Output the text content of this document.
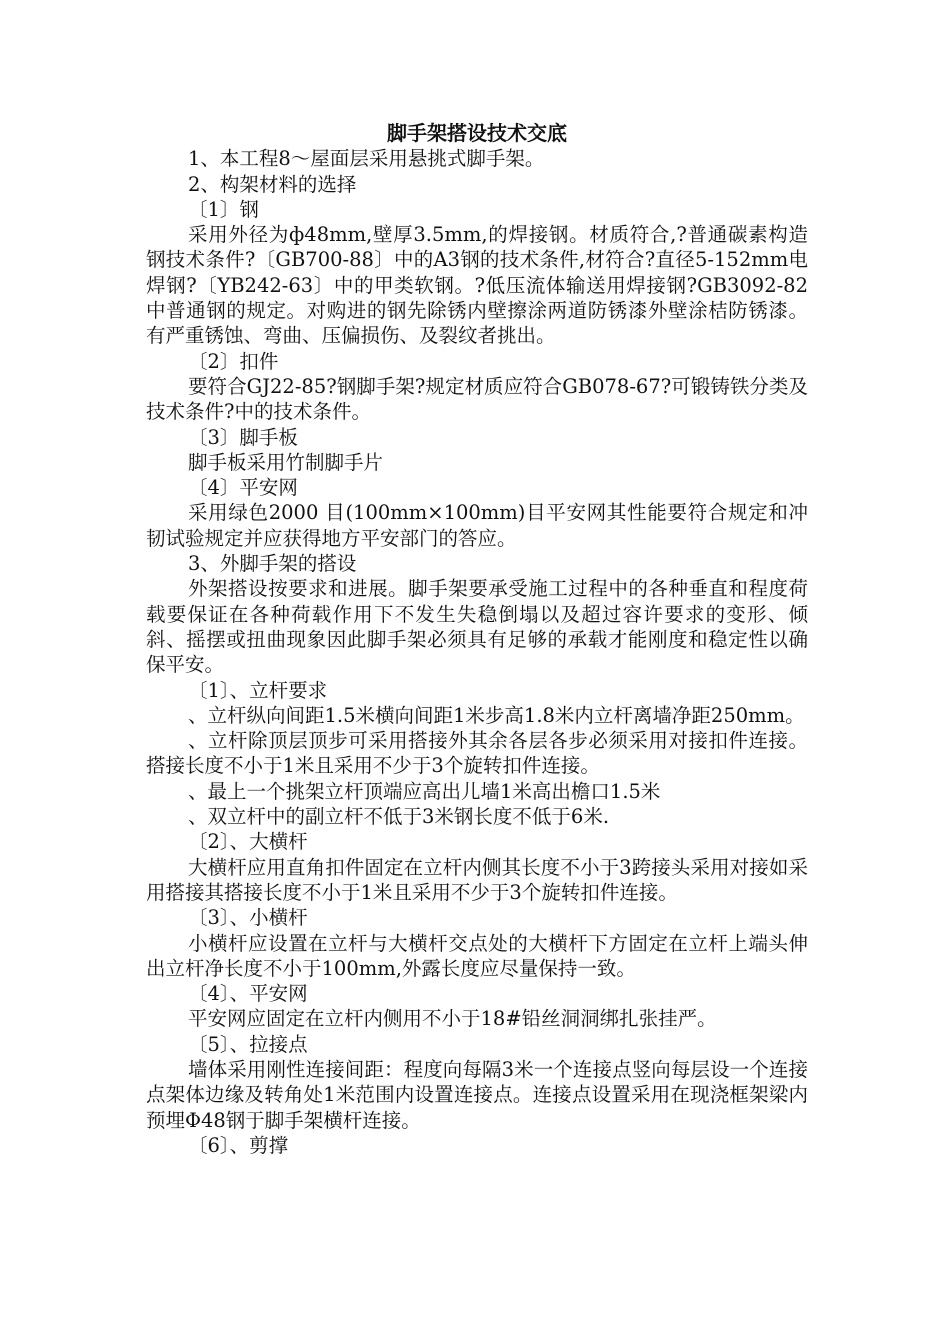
脚手架搭设技术交底

1、本工程8～屋面层采用悬挑式脚手架。

2、构架材料的选择

〔1〕钢

采用外径为ф48mm,壁厚3.5mm,的焊接钢。材质符合,?普通碳素构造钢技术条件?〔GB700-88〕中的A3钢的技术条件,材符合?直径5-152mm电焊钢?〔YB242-63〕中的甲类软钢。?低压流体输送用焊接钢?GB3092-82中普通钢的规定。对购进的钢先除锈内壁擦涂两道防锈漆外壁涂桔防锈漆。有严重锈蚀、弯曲、压偏损伤、及裂纹者挑出。

〔2〕扣件

要符合GJ22-85?钢脚手架?规定材质应符合GB078-67?可锻铸铁分类及技术条件?中的技术条件。

〔3〕脚手板

脚手板采用竹制脚手片

〔4〕平安网

采用绿色2000 目(100mm×100mm)目平安网其性能要符合规定和冲韧试验规定并应获得地方平安部门的答应。

3、外脚手架的搭设

外架搭设按要求和进展。脚手架要承受施工过程中的各种垂直和程度荷载要保证在各种荷载作用下不发生失稳倒塌以及超过容许要求的变形、倾斜、摇摆或扭曲现象因此脚手架必须具有足够的承载才能刚度和稳定性以确保平安。

〔1〕、立杆要求

、立杆纵向间距1.5米横向间距1米步高1.8米内立杆离墙净距250mm。

、立杆除顶层顶步可采用搭接外其余各层各步必须采用对接扣件连接。搭接长度不小于1米且采用不少于3个旋转扣件连接。

、最上一个挑架立杆顶端应高出儿墙1米高出檐口1.5米

、双立杆中的副立杆不低于3米钢长度不低于6米.

〔2〕、大横杆

大横杆应用直角扣件固定在立杆内侧其长度不小于3跨接头采用对接如采用搭接其搭接长度不小于1米且采用不少于3个旋转扣件连接。

〔3〕、小横杆

小横杆应设置在立杆与大横杆交点处的大横杆下方固定在立杆上端头伸出立杆净长度不小于100mm,外露长度应尽量保持一致。

〔4〕、平安网

平安网应固定在立杆内侧用不小于18#铅丝洞洞绑扎张挂严。

〔5〕、拉接点

墙体采用刚性连接间距：程度向每隔3米一个连接点竖向每层设一个连接点架体边缘及转角处1米范围内设置连接点。连接点设置采用在现浇框架梁内预埋Φ48钢于脚手架横杆连接。

〔6〕、剪撑
